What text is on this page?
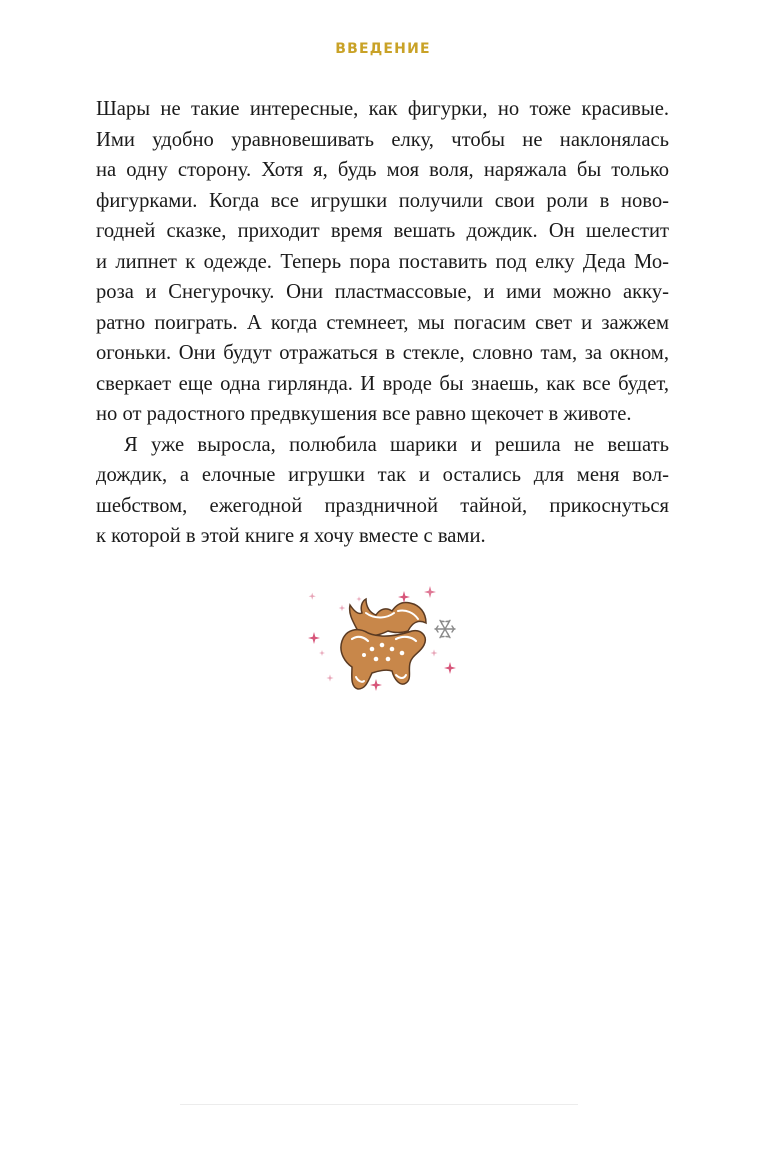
ВВЕДЕНИЕ
Шары не такие интересные, как фигурки, но тоже красивые.
Ими удобно уравновешивать елку, чтобы не наклонялась
на одну сторону. Хотя я, будь моя воля, наряжала бы только
фигурками. Когда все игрушки получили свои роли в ново-
годней сказке, приходит время вешать дождик. Он шелестит
и липнет к одежде. Теперь пора поставить под елку Деда Мо-
роза и Снегурочку. Они пластмассовые, и ими можно акку-
ратно поиграть. А когда стемнеет, мы погасим свет и зажжем
огоньки. Они будут отражаться в стекле, словно там, за окном,
сверкает еще одна гирлянда. И вроде бы знаешь, как все будет,
но от радостного предвкушения все равно щекочет в животе.
Я уже выросла, полюбила шарики и решила не вешать
дождик, а елочные игрушки так и остались для меня вол-
шебством, ежегодной праздничной тайной, прикоснуться
к которой в этой книге я хочу вместе с вами.
